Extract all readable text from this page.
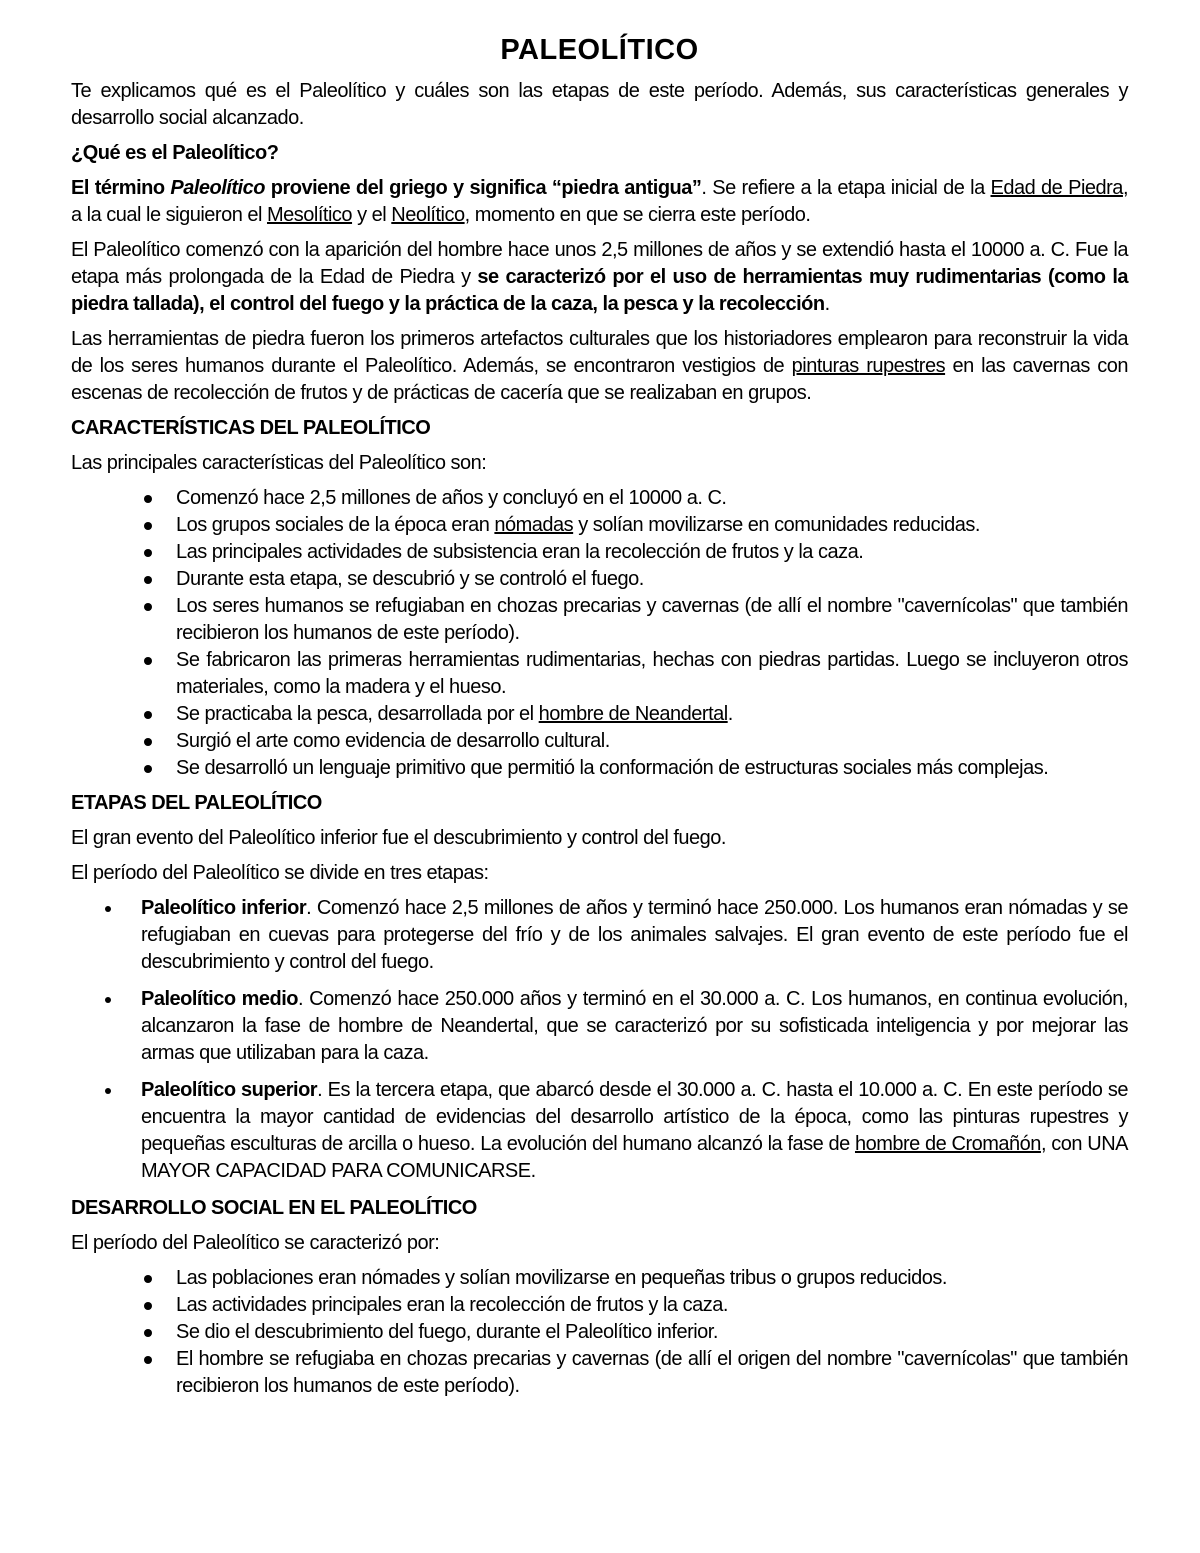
PALEOLÍTICO

Te explicamos qué es el Paleolítico y cuáles son las etapas de este período. Además, sus características generales y desarrollo social alcanzado.

¿Qué es el Paleolítico?

El término Paleolítico proviene del griego y significa “piedra antigua”. Se refiere a la etapa inicial de la Edad de Piedra, a la cual le siguieron el Mesolítico y el Neolítico, momento en que se cierra este período.

El Paleolítico comenzó con la aparición del hombre hace unos 2,5 millones de años y se extendió hasta el 10000 a. C. Fue la etapa más prolongada de la Edad de Piedra y se caracterizó por el uso de herramientas muy rudimentarias (como la piedra tallada), el control del fuego y la práctica de la caza, la pesca y la recolección.

Las herramientas de piedra fueron los primeros artefactos culturales que los historiadores emplearon para reconstruir la vida de los seres humanos durante el Paleolítico. Además, se encontraron vestigios de pinturas rupestres en las cavernas con escenas de recolección de frutos y de prácticas de cacería que se realizaban en grupos.

CARACTERÍSTICAS DEL PALEOLÍTICO

Las principales características del Paleolítico son:

Comenzó hace 2,5 millones de años y concluyó en el 10000 a. C.
Los grupos sociales de la época eran nómadas y solían movilizarse en comunidades reducidas.
Las principales actividades de subsistencia eran la recolección de frutos y la caza.
Durante esta etapa, se descubrió y se controló el fuego.
Los seres humanos se refugiaban en chozas precarias y cavernas (de allí el nombre "cavernícolas" que también recibieron los humanos de este período).
Se fabricaron las primeras herramientas rudimentarias, hechas con piedras partidas. Luego se incluyeron otros materiales, como la madera y el hueso.
Se practicaba la pesca, desarrollada por el hombre de Neandertal.
Surgió el arte como evidencia de desarrollo cultural.
Se desarrolló un lenguaje primitivo que permitió la conformación de estructuras sociales más complejas.
ETAPAS DEL PALEOLÍTICO

El gran evento del Paleolítico inferior fue el descubrimiento y control del fuego.

El período del Paleolítico se divide en tres etapas:

Paleolítico inferior. Comenzó hace 2,5 millones de años y terminó hace 250.000. Los humanos eran nómadas y se refugiaban en cuevas para protegerse del frío y de los animales salvajes. El gran evento de este período fue el descubrimiento y control del fuego.
Paleolítico medio. Comenzó hace 250.000 años y terminó en el 30.000 a. C. Los humanos, en continua evolución, alcanzaron la fase de hombre de Neandertal, que se caracterizó por su sofisticada inteligencia y por mejorar las armas que utilizaban para la caza.
Paleolítico superior. Es la tercera etapa, que abarcó desde el 30.000 a. C. hasta el 10.000 a. C. En este período se encuentra la mayor cantidad de evidencias del desarrollo artístico de la época, como las pinturas rupestres y pequeñas esculturas de arcilla o hueso. La evolución del humano alcanzó la fase de hombre de Cromañón, con UNA MAYOR CAPACIDAD PARA COMUNICARSE.
DESARROLLO SOCIAL EN EL PALEOLÍTICO

El período del Paleolítico se caracterizó por:

Las poblaciones eran nómades y solían movilizarse en pequeñas tribus o grupos reducidos.
Las actividades principales eran la recolección de frutos y la caza.
Se dio el descubrimiento del fuego, durante el Paleolítico inferior.
El hombre se refugiaba en chozas precarias y cavernas (de allí el origen del nombre "cavernícolas" que también recibieron los humanos de este período).
